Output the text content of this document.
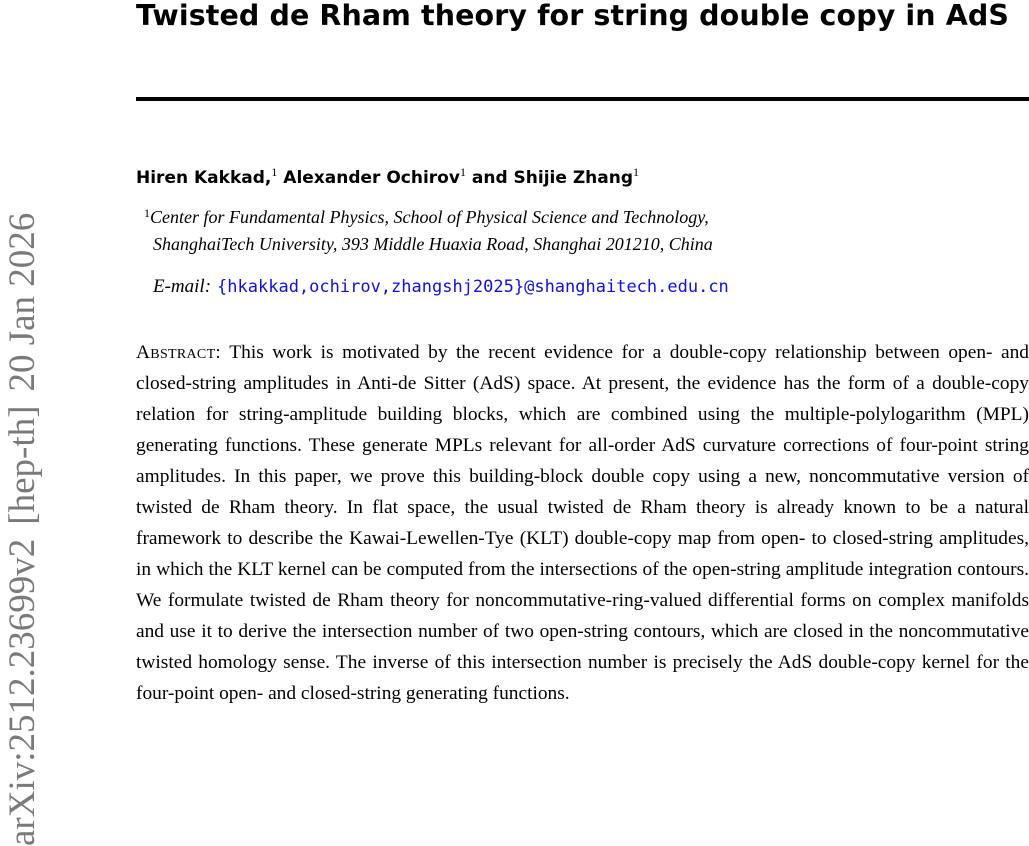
Twisted de Rham theory for string double copy in AdS
arXiv:2512.23699v2[hep-th]20 Jan 2026
Hiren Kakkad,$^1$ Alexander Ochirov$^1$ and Shijie Zhang$^1$
$^1$Center for Fundamental Physics, School of Physical Science and Technology,
ShanghaiTech University, 393 Middle Huaxia Road, Shanghai 201210, China
E-mail: {hkakkad,ochirov,zhangshj2025}@shanghaitech.edu.cn

Abstract: This work is motivated by the recent evidence for a double-copy relationship between open- and closed-string amplitudes in Anti-de Sitter (AdS) space. At present, the evidence has the form of a double-copy relation for string-amplitude building blocks, which are combined using the multiple-polylogarithm (MPL) generating functions. These generate MPLs relevant for all-order AdS curvature corrections of four-point string amplitudes. In this paper, we prove this building-block double copy using a new, noncommutative version of twisted de Rham theory. In flat space, the usual twisted de Rham theory is already known to be a natural framework to describe the Kawai-Lewellen-Tye (KLT) double-copy map from open- to closed-string amplitudes, in which the KLT kernel can be computed from the intersections of the open-string amplitude integration contours. We formulate twisted de Rham theory for noncommutative-ring-valued differential forms on complex manifolds and use it to derive the intersection number of two open-string contours, which are closed in the noncommutative twisted homology sense. The inverse of this intersection number is precisely the AdS double-copy kernel for the four-point open- and closed-string generating functions.
